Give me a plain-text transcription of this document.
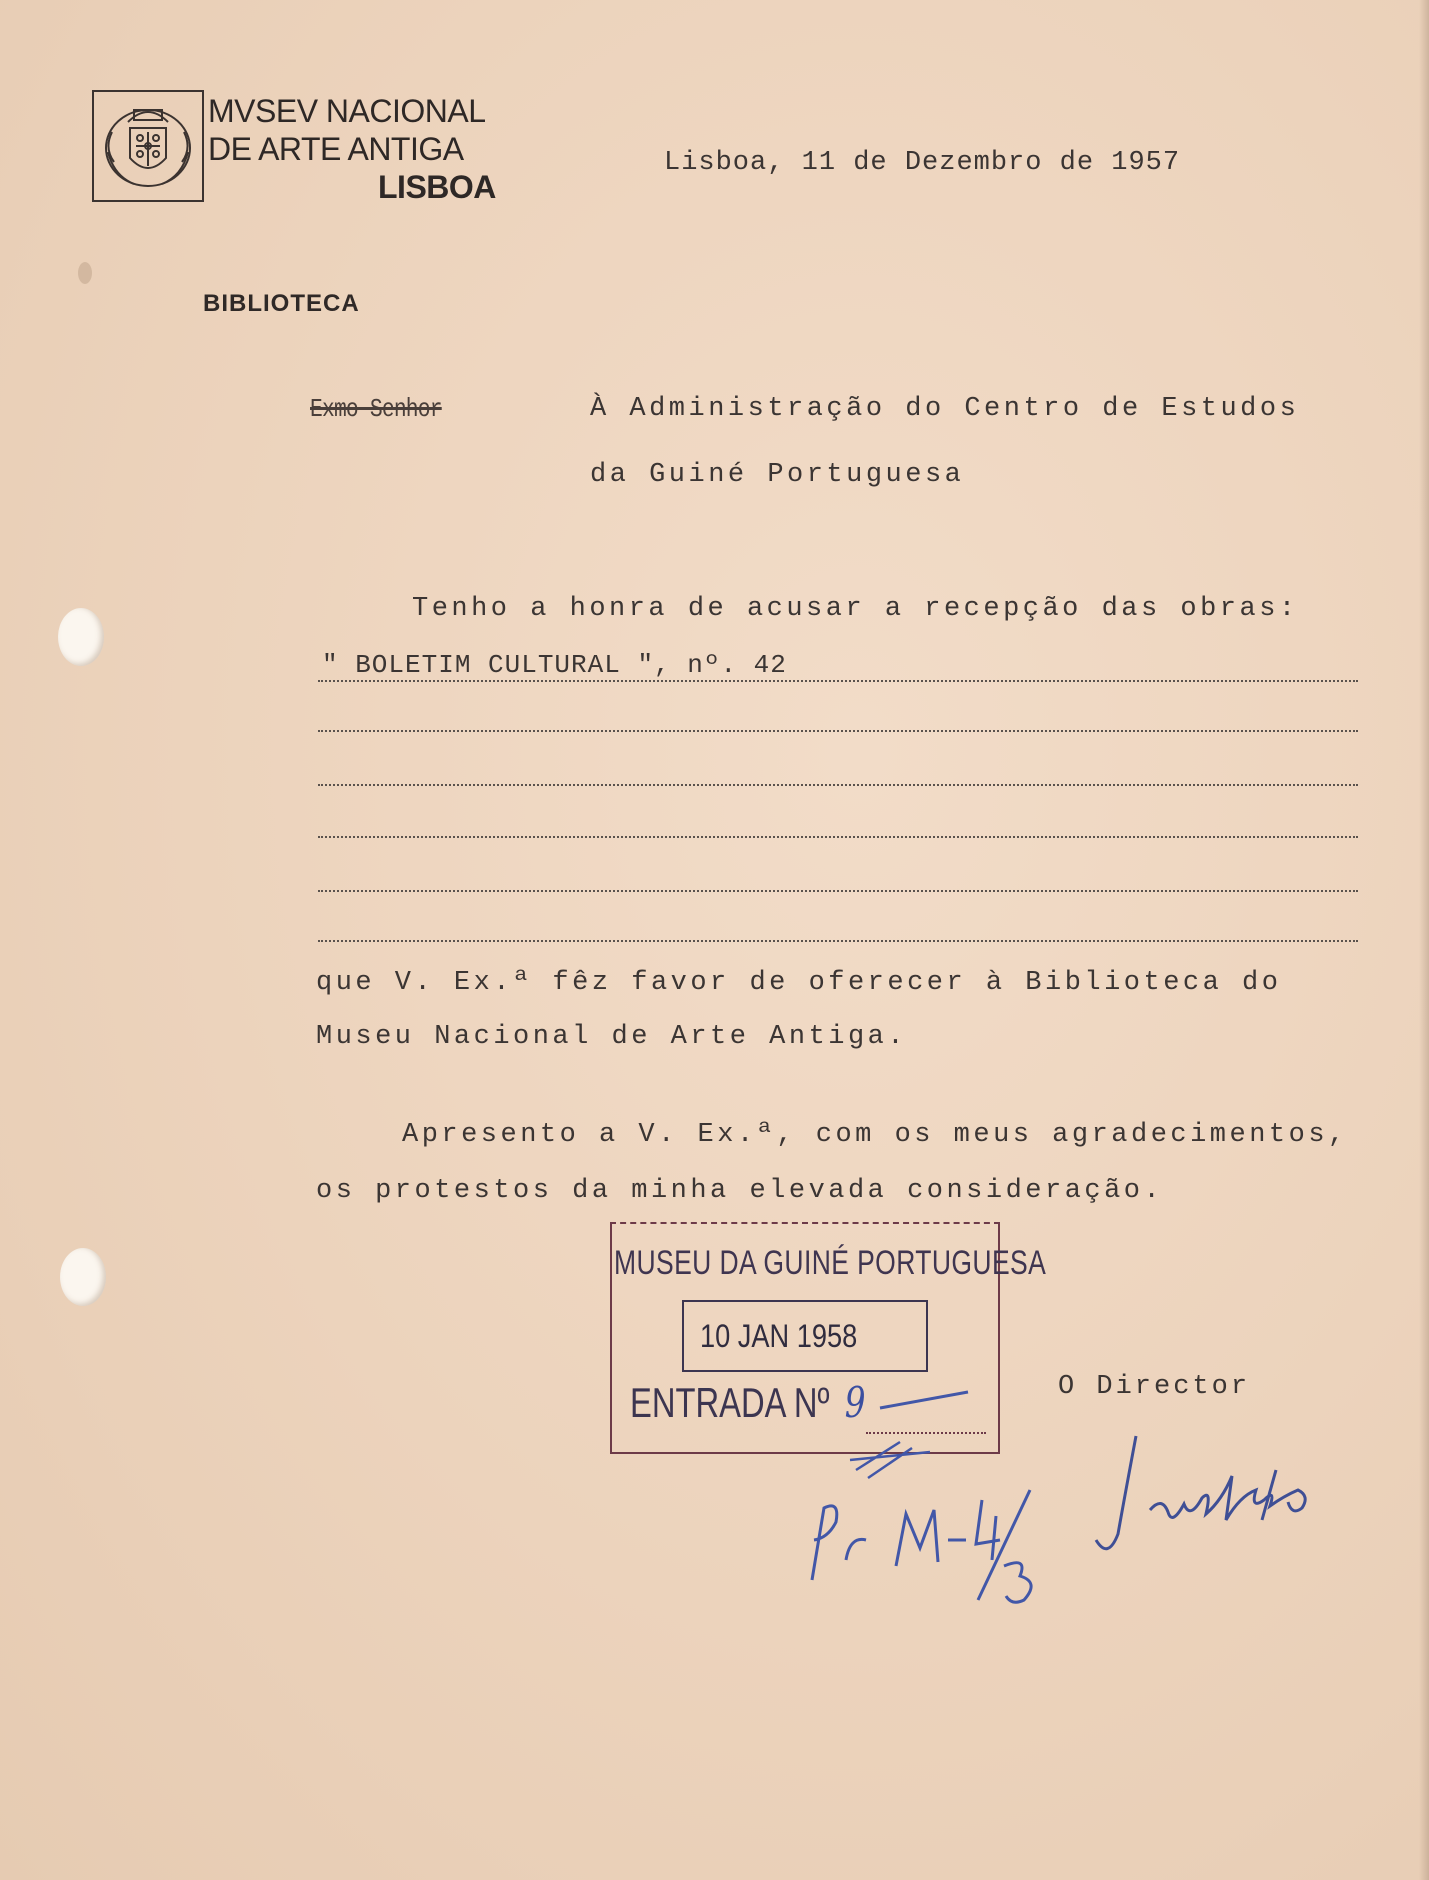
MVSEV NACIONAL
DE ARTE ANTIGA
LISBOA
Lisboa, 11 de Dezembro de 1957
BIBLIOTECA
Exmo Senhor	À Administração do Centro de Estudos
da Guiné Portuguesa
Tenho a honra de acusar a recepção das obras:
" BOLETIM CULTURAL ", nº. 42
que V. Ex.ª fêz favor de oferecer à Biblioteca do
Museu Nacional de Arte Antiga.
Apresento a V. Ex.ª, com os meus agradecimentos,
os protestos da minha elevada consideração.
MUSEU DA GUINÉ PORTUGUESA
10 JAN 1958
ENTRADA Nº 9	O Director
